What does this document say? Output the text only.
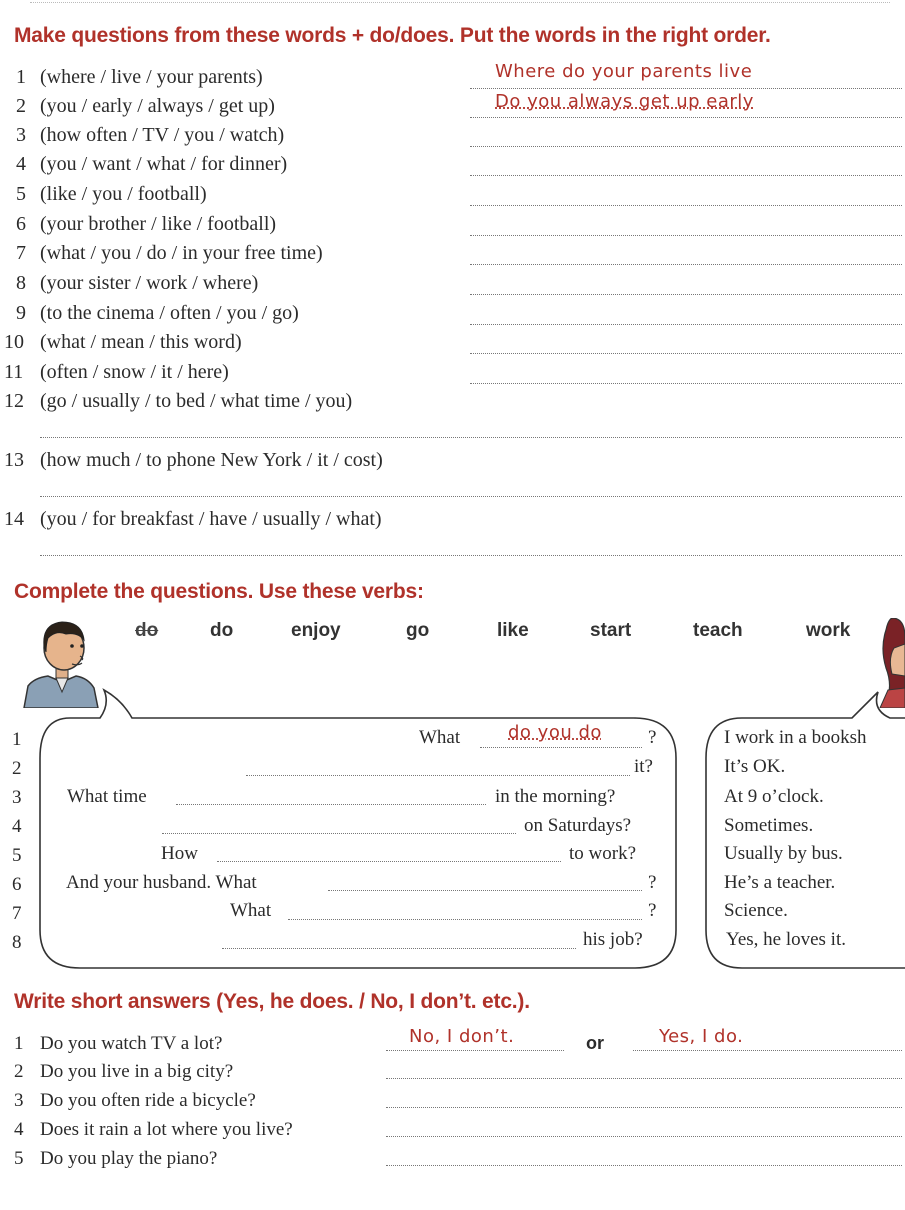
Make questions from these words + do/does. Put the words in the right order.
1 (where / live / your parents)	Where do your parents live
2 (you / early / always / get up)	Do you always get up early
3 (how often / TV / you / watch)
4 (you / want / what / for dinner)
5 (like / you / football)
6 (your brother / like / football)
7 (what / you / do / in your free time)
8 (your sister / work / where)
9 (to the cinema / often / you / go)
10 (what / mean / this word)
11 (often / snow / it / here)
12 (go / usually / to bed / what time / you)
13 (how much / to phone New York / it / cost)
14 (you / for breakfast / have / usually / what)
Complete the questions. Use these verbs:
do	do	enjoy	go	like	start	teach	work
1	What	do you do ?	I work in a booksh
2	it?	It’s OK.
3 What time	in the morning?	At 9 o’clock.
4	on Saturdays?	Sometimes.
5	How	to work?	Usually by bus.
6 And your husband. What	?	He’s a teacher.
7	What	?	Science.
8	his job?	Yes, he loves it.
Write short answers (Yes, he does. / No, I don’t. etc.).
1 Do you watch TV a lot?	No, I don’t.	or	Yes, I do.
2 Do you live in a big city?
3 Do you often ride a bicycle?
4 Does it rain a lot where you live?
5 Do you play the piano?
